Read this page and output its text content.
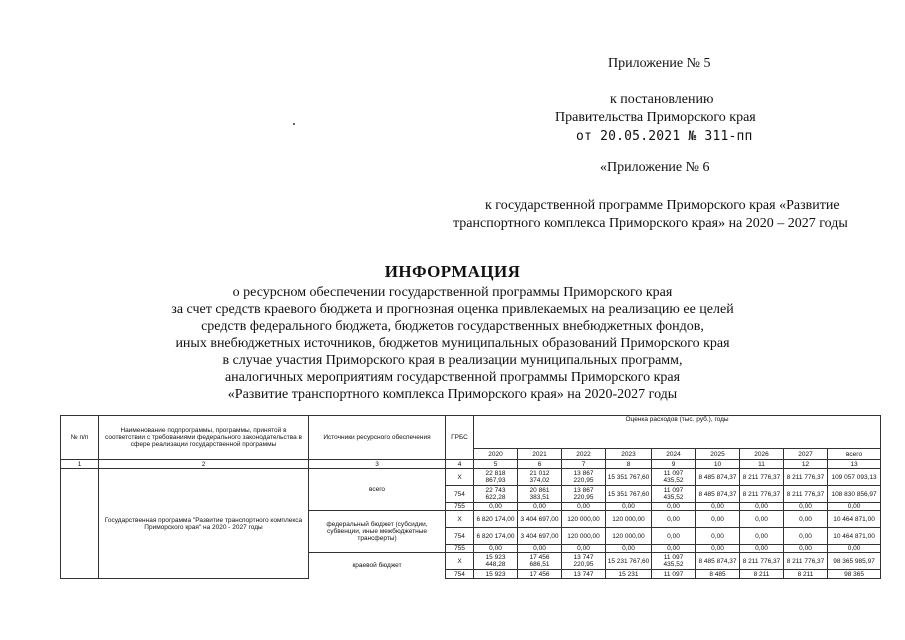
Приложение № 5
к постановлению
Правительства Приморского края
от 20.05.2021 № 311-пп
«Приложение № 6
к государственной программе Приморского края «Развитие
транспортного комплекса Приморского края» на 2020 – 2027 годы
ИНФОРМАЦИЯ
о ресурсном обеспечении государственной программы Приморского края
за счет средств краевого бюджета и прогнозная оценка привлекаемых на реализацию ее целей
средств федерального бюджета, бюджетов государственных внебюджетных фондов,
иных внебюджетных источников, бюджетов муниципальных образований Приморского края
в случае участия Приморского края в реализации муниципальных программ,
аналогичных мероприятиям государственной программы Приморского края
«Развитие транспортного комплекса Приморского края» на 2020-2027 годы
№ п/п	Наименование подпрограммы, программы, принятой в соответствии с требованиями федерального законодательства в сфере реализации государственной программы	Источники ресурсного обеспечения	ГРБС	Оценка расходов (тыс. руб.), годы								
				2020	2021	2022	2023	2024	2025	2026	2027	всего
1	2	3	4	5	6	7	8	9	10	11	12	13
	Государственная программа "Развитие транспортного комплекса Приморского края" на 2020 - 2027 годы	всего	X	22 818 867,93	21 012 374,02	13 867 220,95	15 351 767,60	11 097 435,52	8 485 874,37	8 211 776,37	8 211 776,37	109 057 093,13
			754	22 743 622,28	20 861 383,51	13 867 220,95	15 351 767,60	11 097 435,52	8 485 874,37	8 211 776,37	8 211 776,37	108 830 856,97
			755	0,00	0,00	0,00	0,00	0,00	0,00	0,00	0,00	0,00
		федеральный бюджет (субсидии, субвенции, иные межбюджетные трансферты)	X	6 820 174,00	3 404 697,00	120 000,00	120 000,00	0,00	0,00	0,00	0,00	10 464 871,00
			754	6 820 174,00	3 404 697,00	120 000,00	120 000,00	0,00	0,00	0,00	0,00	10 464 871,00
			755	0,00	0,00	0,00	0,00	0,00	0,00	0,00	0,00	0,00
		краевой бюджет	X	15 923 448,28	17 456 686,51	13 747 220,95	15 231 767,60	11 097 435,52	8 485 874,37	8 211 776,37	8 211 776,37	98 365 985,97
			754	15 923	17 456	13 747	15 231	11 097	8 485	8 211	8 211	98 365
